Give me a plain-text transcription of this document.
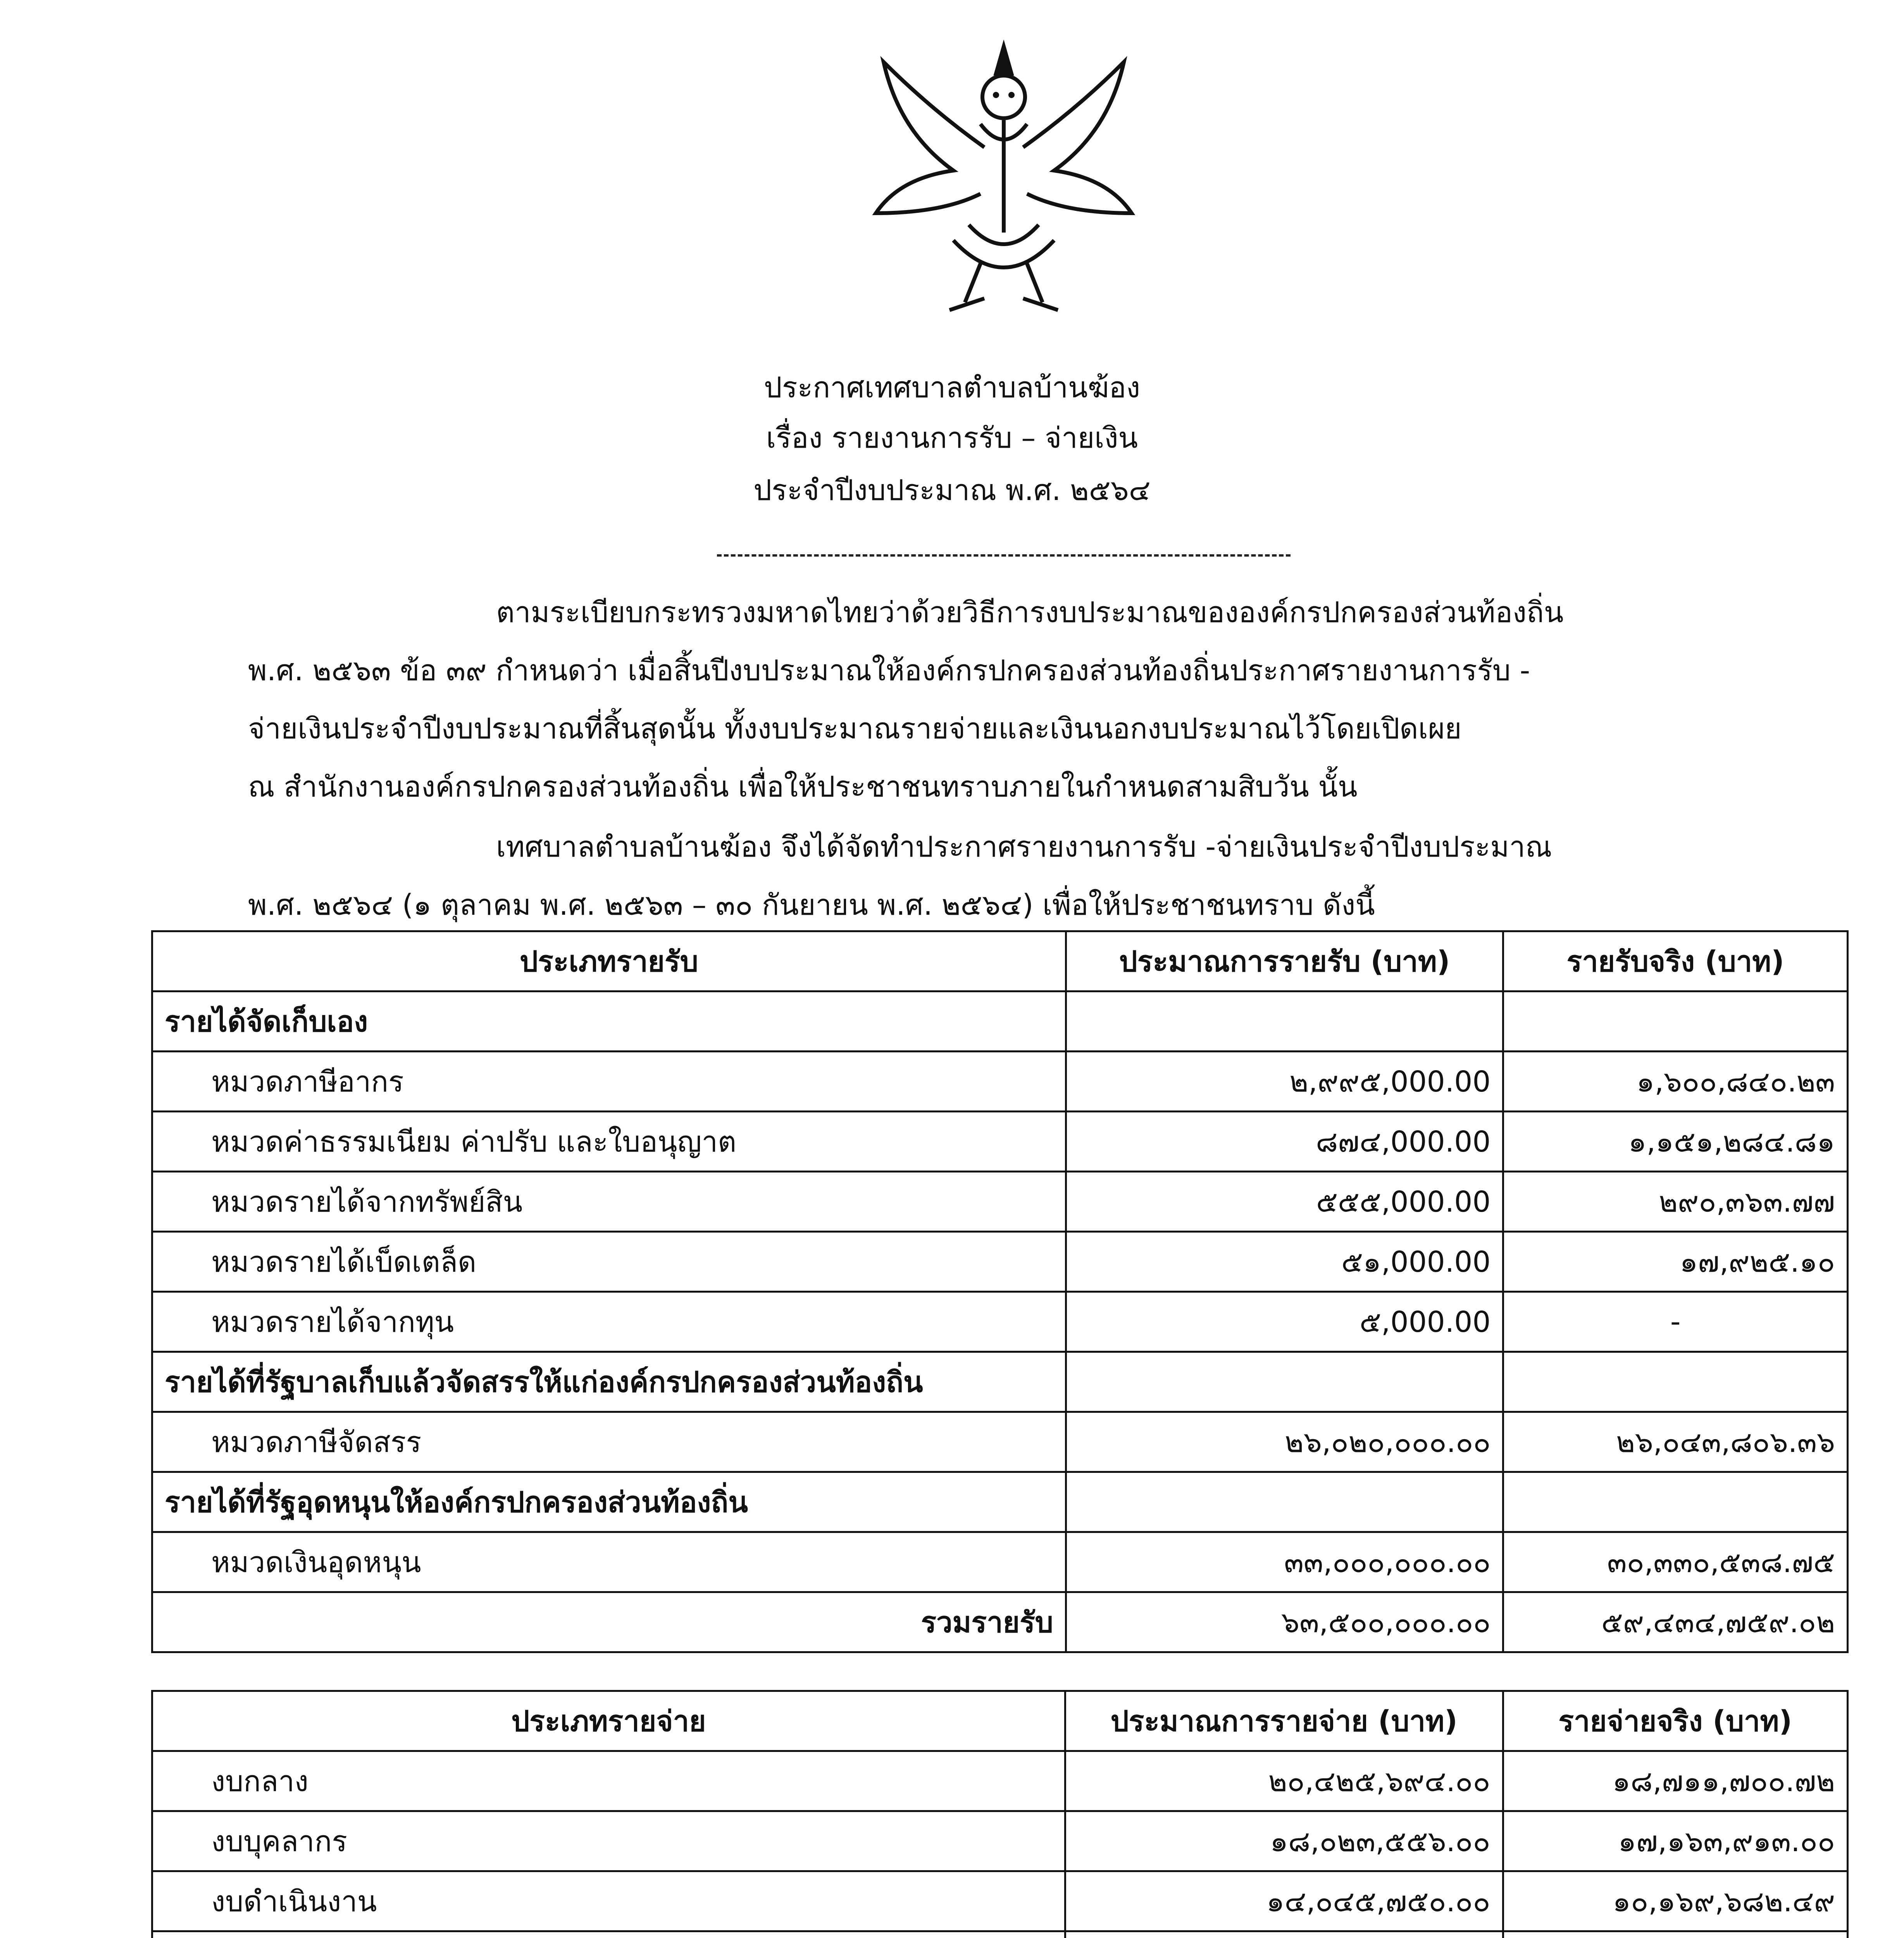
ประกาศเทศบาลตำบลบ้านฆ้อง
เรื่อง รายงานการรับ – จ่ายเงิน
ประจำปีงบประมาณ พ.ศ. ๒๕๖๔
ตามระเบียบกระทรวงมหาดไทยว่าด้วยวิธีการงบประมาณขององค์กรปกครองส่วนท้องถิ่น
พ.ศ. ๒๕๖๓ ข้อ ๓๙ กำหนดว่า เมื่อสิ้นปีงบประมาณให้องค์กรปกครองส่วนท้องถิ่นประกาศรายงานการรับ -
จ่ายเงินประจำปีงบประมาณที่สิ้นสุดนั้น ทั้งงบประมาณรายจ่ายและเงินนอกงบประมาณไว้โดยเปิดเผย
ณ สำนักงานองค์กรปกครองส่วนท้องถิ่น เพื่อให้ประชาชนทราบภายในกำหนดสามสิบวัน นั้น
เทศบาลตำบลบ้านฆ้อง จึงได้จัดทำประกาศรายงานการรับ -จ่ายเงินประจำปีงบประมาณ
พ.ศ. ๒๕๖๔ (๑ ตุลาคม พ.ศ. ๒๕๖๓ – ๓๐ กันยายน พ.ศ. ๒๕๖๔) เพื่อให้ประชาชนทราบ ดังนี้
ประเภทรายรับ	ประมาณการรายรับ (บาท)	รายรับจริง (บาท)
รายได้จัดเก็บเอง		
หมวดภาษีอากร	๒,๙๙๕,000.00	๑,๖๐๐,๘๔๐.๒๓
หมวดค่าธรรมเนียม ค่าปรับ และใบอนุญาต	๘๗๔,000.00	๑,๑๕๑,๒๘๔.๘๑
หมวดรายได้จากทรัพย์สิน	๕๕๕,000.00	๒๙๐,๓๖๓.๗๗
หมวดรายได้เบ็ดเตล็ด	๕๑,000.00	๑๗,๙๒๕.๑๐
หมวดรายได้จากทุน	๕,000.00	-
รายได้ที่รัฐบาลเก็บแล้วจัดสรรให้แก่องค์กรปกครองส่วนท้องถิ่น		
หมวดภาษีจัดสรร	๒๖,๐๒๐,๐๐๐.๐๐	๒๖,๐๔๓,๘๐๖.๓๖
รายได้ที่รัฐอุดหนุนให้องค์กรปกครองส่วนท้องถิ่น		
หมวดเงินอุดหนุน	๓๓,๐๐๐,๐๐๐.๐๐	๓๐,๓๓๐,๕๓๘.๗๕
รวมรายรับ	๖๓,๕๐๐,๐๐๐.๐๐	๕๙,๔๓๔,๗๕๙.๐๒
ประเภทรายจ่าย	ประมาณการรายจ่าย (บาท)	รายจ่ายจริง (บาท)
งบกลาง	๒๐,๔๒๕,๖๙๔.๐๐	๑๘,๗๑๑,๗๐๐.๗๒
งบบุคลากร	๑๘,๐๒๓,๕๕๖.๐๐	๑๗,๑๖๓,๙๑๓.๐๐
งบดำเนินงาน	๑๔,๐๔๕,๗๕๐.๐๐	๑๐,๑๖๙,๖๘๒.๔๙
